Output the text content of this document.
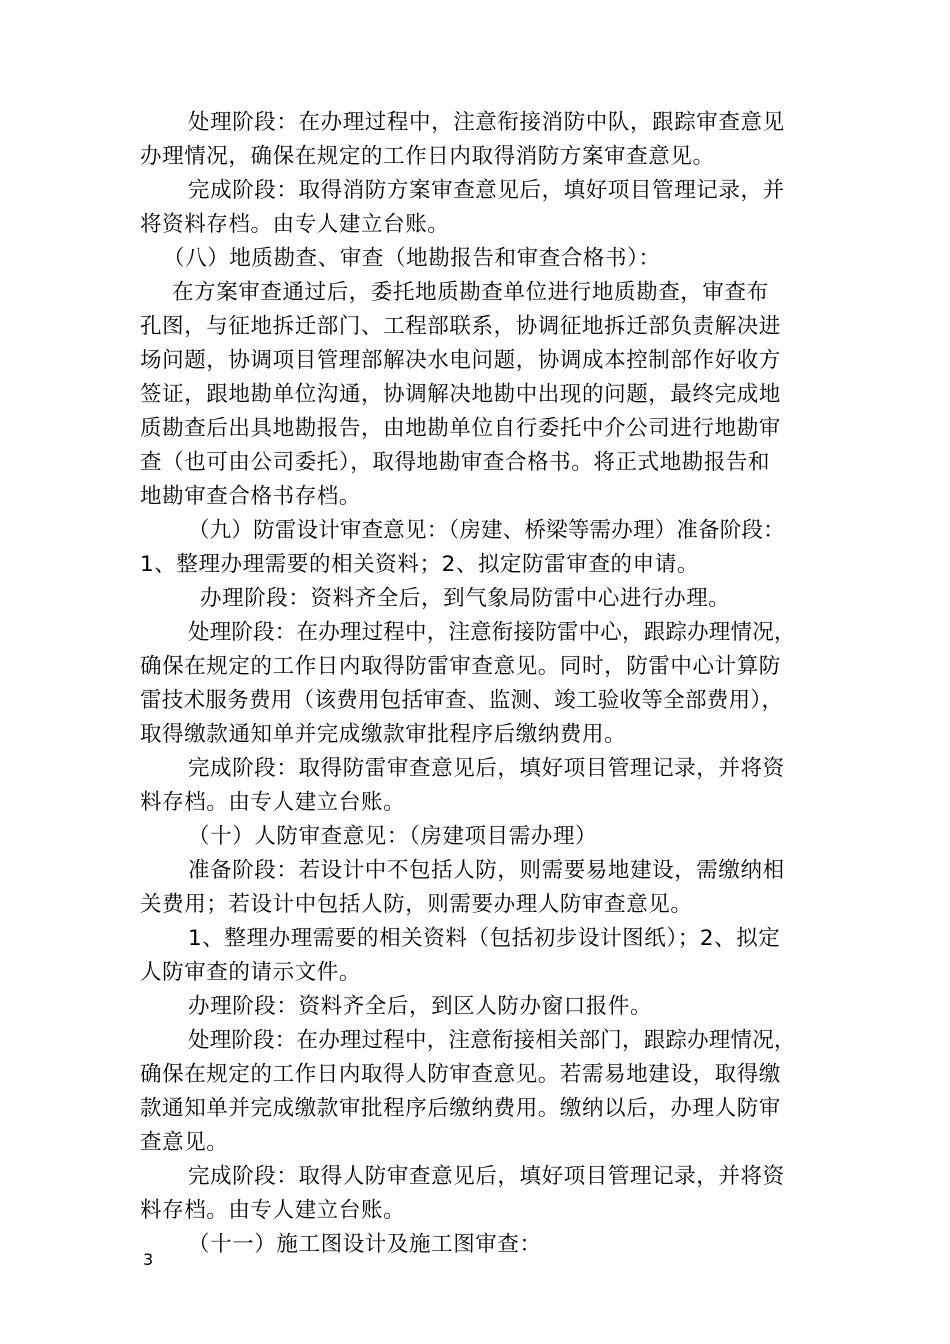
处理阶段：在办理过程中，注意衔接消防中队，跟踪审查意见
办理情况，确保在规定的工作日内取得消防方案审查意见。
完成阶段：取得消防方案审查意见后，填好项目管理记录，并
将资料存档。由专人建立台账。
（八）地质勘查、审查（地勘报告和审查合格书）：
在方案审查通过后，委托地质勘查单位进行地质勘查，审查布
孔图，与征地拆迁部门、工程部联系，协调征地拆迁部负责解决进
场问题，协调项目管理部解决水电问题，协调成本控制部作好收方
签证，跟地勘单位沟通，协调解决地勘中出现的问题，最终完成地
质勘查后出具地勘报告，由地勘单位自行委托中介公司进行地勘审
查（也可由公司委托），取得地勘审查合格书。将正式地勘报告和
地勘审查合格书存档。
（九）防雷设计审查意见：（房建、桥梁等需办理）准备阶段：
1、整理办理需要的相关资料；2、拟定防雷审查的申请。
办理阶段：资料齐全后，到气象局防雷中心进行办理。
处理阶段：在办理过程中，注意衔接防雷中心，跟踪办理情况，
确保在规定的工作日内取得防雷审查意见。同时，防雷中心计算防
雷技术服务费用（该费用包括审查、监测、竣工验收等全部费用），
取得缴款通知单并完成缴款审批程序后缴纳费用。
完成阶段：取得防雷审查意见后，填好项目管理记录，并将资
料存档。由专人建立台账。
（十）人防审查意见：（房建项目需办理）
准备阶段：若设计中不包括人防，则需要易地建设，需缴纳相
关费用；若设计中包括人防，则需要办理人防审查意见。
1、整理办理需要的相关资料（包括初步设计图纸）；2、拟定
人防审查的请示文件。
办理阶段：资料齐全后，到区人防办窗口报件。
处理阶段：在办理过程中，注意衔接相关部门，跟踪办理情况，
确保在规定的工作日内取得人防审查意见。若需易地建设，取得缴
款通知单并完成缴款审批程序后缴纳费用。缴纳以后，办理人防审
查意见。
完成阶段：取得人防审查意见后，填好项目管理记录，并将资
料存档。由专人建立台账。
（十一）施工图设计及施工图审查：
3
